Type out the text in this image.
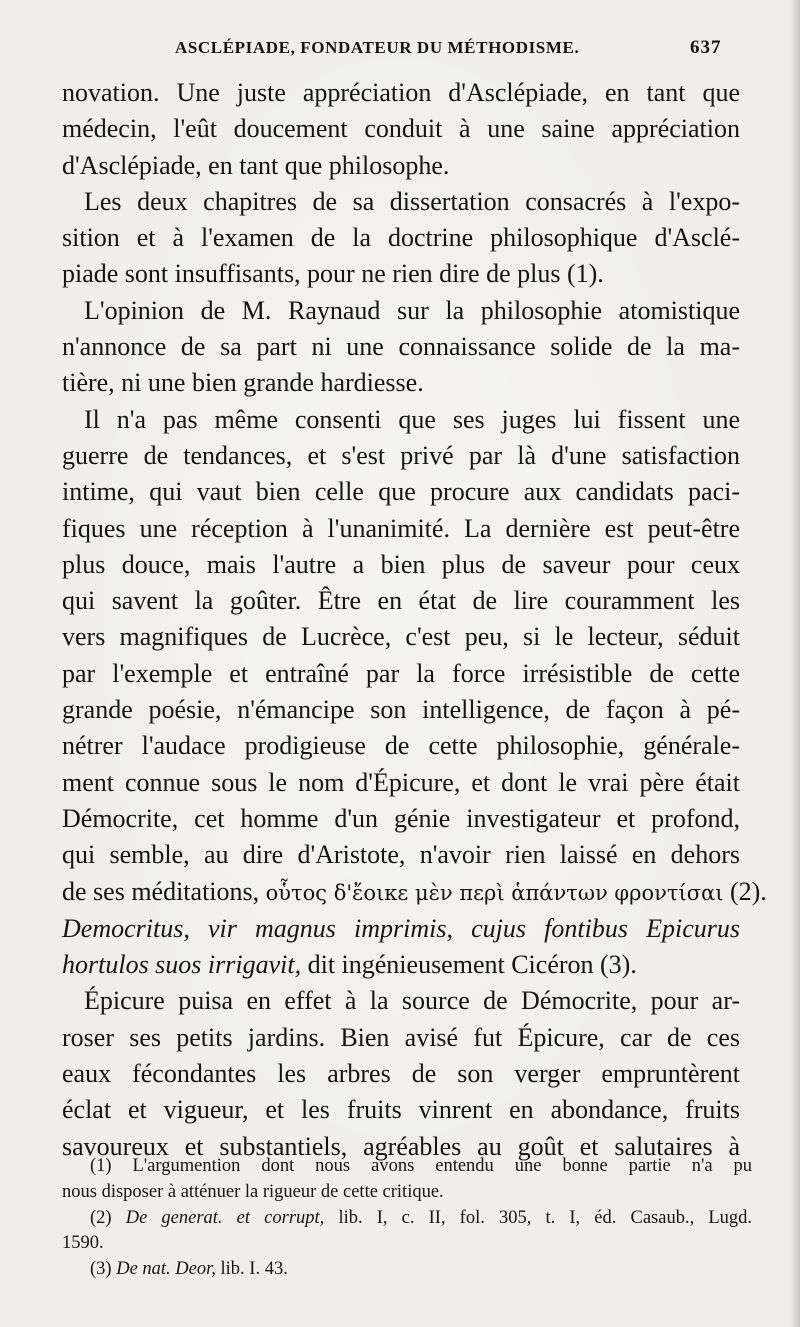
ASCLÉPIADE, FONDATEUR DU MÉTHODISME.	637
novation. Une juste appréciation d'Asclépiade, en tant que
médecin, l'eût doucement conduit à une saine appréciation
d'Asclépiade, en tant que philosophe.
Les deux chapitres de sa dissertation consacrés à l'expo-
sition et à l'examen de la doctrine philosophique d'Asclé-
piade sont insuffisants, pour ne rien dire de plus (1).
L'opinion de M. Raynaud sur la philosophie atomistique
n'annonce de sa part ni une connaissance solide de la ma-
tière, ni une bien grande hardiesse.
Il n'a pas même consenti que ses juges lui fissent une
guerre de tendances, et s'est privé par là d'une satisfaction
intime, qui vaut bien celle que procure aux candidats paci-
fiques une réception à l'unanimité. La dernière est peut-être
plus douce, mais l'autre a bien plus de saveur pour ceux
qui savent la goûter. Être en état de lire couramment les
vers magnifiques de Lucrèce, c'est peu, si le lecteur, séduit
par l'exemple et entraîné par la force irrésistible de cette
grande poésie, n'émancipe son intelligence, de façon à pé-
nétrer l'audace prodigieuse de cette philosophie, générale-
ment connue sous le nom d'Épicure, et dont le vrai père était
Démocrite, cet homme d'un génie investigateur et profond,
qui semble, au dire d'Aristote, n'avoir rien laissé en dehors
de ses méditations, οὗτος δ'ἔοικε μὲν περὶ ἁπάντων φροντίσαι (2).
Democritus, vir magnus imprimis, cujus fontibus Epicurus
hortulos suos irrigavit, dit ingénieusement Cicéron (3).
Épicure puisa en effet à la source de Démocrite, pour ar-
roser ses petits jardins. Bien avisé fut Épicure, car de ces
eaux fécondantes les arbres de son verger empruntèrent
éclat et vigueur, et les fruits vinrent en abondance, fruits
savoureux et substantiels, agréables au goût et salutaires à
(1) L'argumention dont nous avons entendu une bonne partie n'a pu
nous disposer à atténuer la rigueur de cette critique.
(2) De generat. et corrupt, lib. I, c. II, fol. 305, t. I, éd. Casaub., Lugd.
1590.
(3) De nat. Deor, lib. I. 43.
